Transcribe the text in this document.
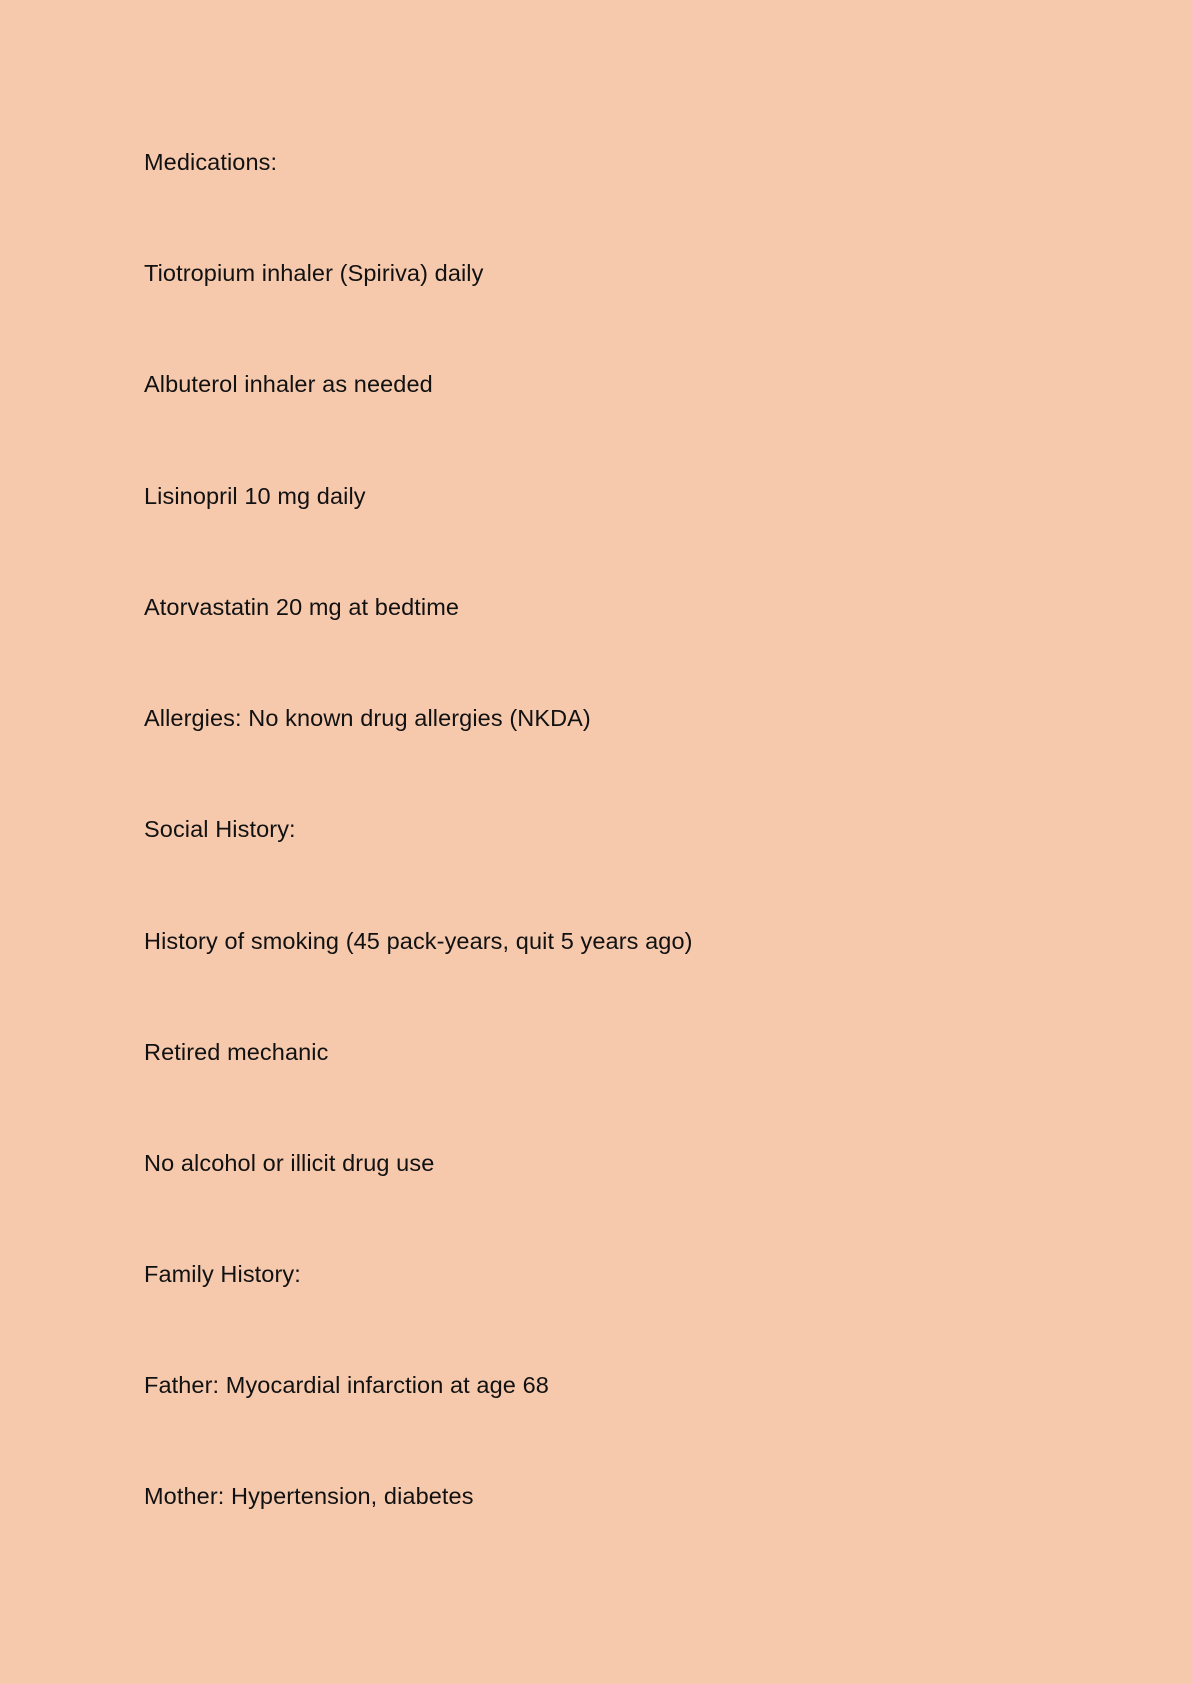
Medications:
Tiotropium inhaler (Spiriva) daily
Albuterol inhaler as needed
Lisinopril 10 mg daily
Atorvastatin 20 mg at bedtime
Allergies: No known drug allergies (NKDA)
Social History:
History of smoking (45 pack-years, quit 5 years ago)
Retired mechanic
No alcohol or illicit drug use
Family History:
Father: Myocardial infarction at age 68
Mother: Hypertension, diabetes
